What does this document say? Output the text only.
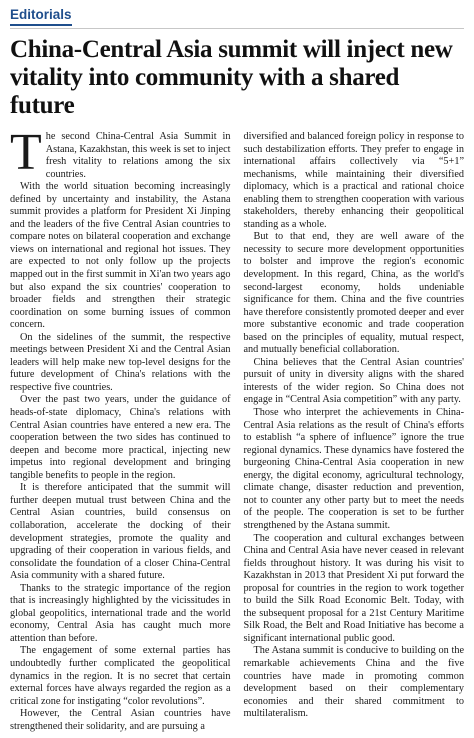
Editorials
China-Central Asia summit will inject new vitality into community with a shared future

The second China-Central Asia Summit in Astana, Kazakhstan, this week is set to inject fresh vitality to relations among the six countries.

With the world situation becoming increasingly defined by uncertainty and instability, the Astana summit provides a platform for President Xi Jinping and the leaders of the five Central Asian countries to compare notes on bilateral cooperation and exchange views on international and regional hot issues. They are expected to not only follow up the projects mapped out in the first summit in Xi'an two years ago but also expand the six countries' cooperation to broader fields and strengthen their strategic coordination on some burning issues of common concern.

On the sidelines of the summit, the respective meetings between President Xi and the Central Asian leaders will help make new top-level designs for the future development of China's relations with the respective five countries.

Over the past two years, under the guidance of heads-of-state diplomacy, China's relations with Central Asian countries have entered a new era. The cooperation between the two sides has continued to deepen and become more practical, injecting new impetus into regional development and bringing tangible benefits to people in the region.

It is therefore anticipated that the summit will further deepen mutual trust between China and the Central Asian countries, build consensus on collaboration, accelerate the docking of their development strategies, promote the quality and upgrading of their cooperation in various fields, and consolidate the foundation of a closer China-Central Asia community with a shared future.

Thanks to the strategic importance of the region that is increasingly highlighted by the vicissitudes in global geopolitics, international trade and the world economy, Central Asia has caught much more attention than before.

The engagement of some external parties has undoubtedly further complicated the geopolitical dynamics in the region. It is no secret that certain external forces have always regarded the region as a critical zone for instigating “color revolutions”.

However, the Central Asian countries have strengthened their solidarity, and are pursuing a

diversified and balanced foreign policy in response to such destabilization efforts. They prefer to engage in international affairs collectively via “5+1” mechanisms, while maintaining their diversified diplomacy, which is a practical and rational choice enabling them to strengthen cooperation with various stakeholders, thereby enhancing their geopolitical standing as a whole.

But to that end, they are well aware of the necessity to secure more development opportunities to bolster and improve the region's economic development. In this regard, China, as the world's second-largest economy, holds undeniable significance for them. China and the five countries have therefore consistently promoted deeper and ever more substantive economic and trade cooperation based on the principles of equality, mutual respect, and mutually beneficial collaboration.

China believes that the Central Asian countries' pursuit of unity in diversity aligns with the shared interests of the wider region. So China does not engage in “Central Asia competition” with any party.

Those who interpret the achievements in China-Central Asia relations as the result of China's efforts to establish “a sphere of influence” ignore the true regional dynamics. These dynamics have fostered the burgeoning China-Central Asia cooperation in new energy, the digital economy, agricultural technology, climate change, disaster reduction and prevention, not to counter any other party but to meet the needs of the people. The cooperation is set to be further strengthened by the Astana summit.

The cooperation and cultural exchanges between China and Central Asia have never ceased in relevant fields throughout history. It was during his visit to Kazakhstan in 2013 that President Xi put forward the proposal for countries in the region to work together to build the Silk Road Economic Belt. Today, with the subsequent proposal for a 21st Century Maritime Silk Road, the Belt and Road Initiative has become a significant international public good.

The Astana summit is conducive to building on the remarkable achievements China and the five countries have made in promoting common development based on their complementary economies and their shared commitment to multilateralism.
